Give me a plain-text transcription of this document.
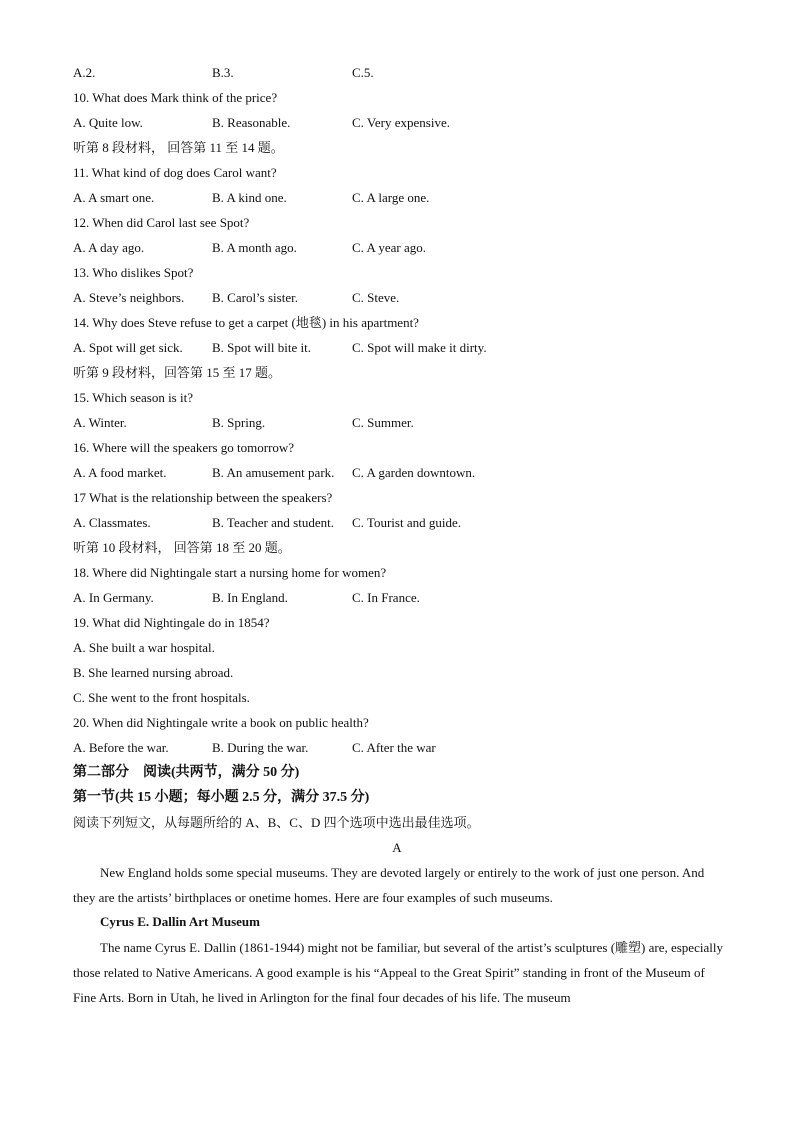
A.2.	B.3.	C.5.
10. What does Mark think of the price?
A. Quite low.	B. Reasonable.	C. Very expensive.
听第 8 段材料， 回答第 11 至 14 题。
11. What kind of dog does Carol want?
A. A smart one.	B. A kind one.	C. A large one.
12. When did Carol last see Spot?
A. A day ago.	B. A month ago.	C. A year ago.
13. Who dislikes Spot?
A. Steve’s neighbors. B. Carol’s sister.	C. Steve.
14. Why does Steve refuse to get a carpet (地毯) in his apartment?
A. Spot will get sick. B. Spot will bite it.	C. Spot will make it dirty.
听第 9 段材料，回答第 15 至 17 题。
15. Which season is it?
A. Winter.	B. Spring.	C. Summer.
16. Where will the speakers go tomorrow?
A. A food market.	B. An amusement park. C. A garden downtown.
17 What is the relationship between the speakers?
A. Classmates.	B. Teacher and student. C. Tourist and guide.
听第 10 段材料， 回答第 18 至 20 题。
18. Where did Nightingale start a nursing home for women?
A. In Germany.	B. In England.	C. In France.
19. What did Nightingale do in 1854?
A. She built a war hospital.
B. She learned nursing abroad.
C. She went to the front hospitals.
20. When did Nightingale write a book on public health?
A. Before the war.	B. During the war.	C. After the war
第二部分　阅读(共两节，满分 50 分)
第一节(共 15 小题；每小题 2.5 分，满分 37.5 分)
阅读下列短文，从每题所给的 A、B、C、D 四个选项中选出最佳选项。
A
New England holds some special museums. They are devoted largely or entirely to the work of just one person. And they are the artists’ birthplaces or onetime homes. Here are four examples of such museums.
Cyrus E. Dallin Art Museum
The name Cyrus E. Dallin (1861-1944) might not be familiar, but several of the artist’s sculptures (雕塑) are, especially those related to Native Americans. A good example is his “Appeal to the Great Spirit” standing in front of the Museum of Fine Arts. Born in Utah, he lived in Arlington for the final four decades of his life. The museum
